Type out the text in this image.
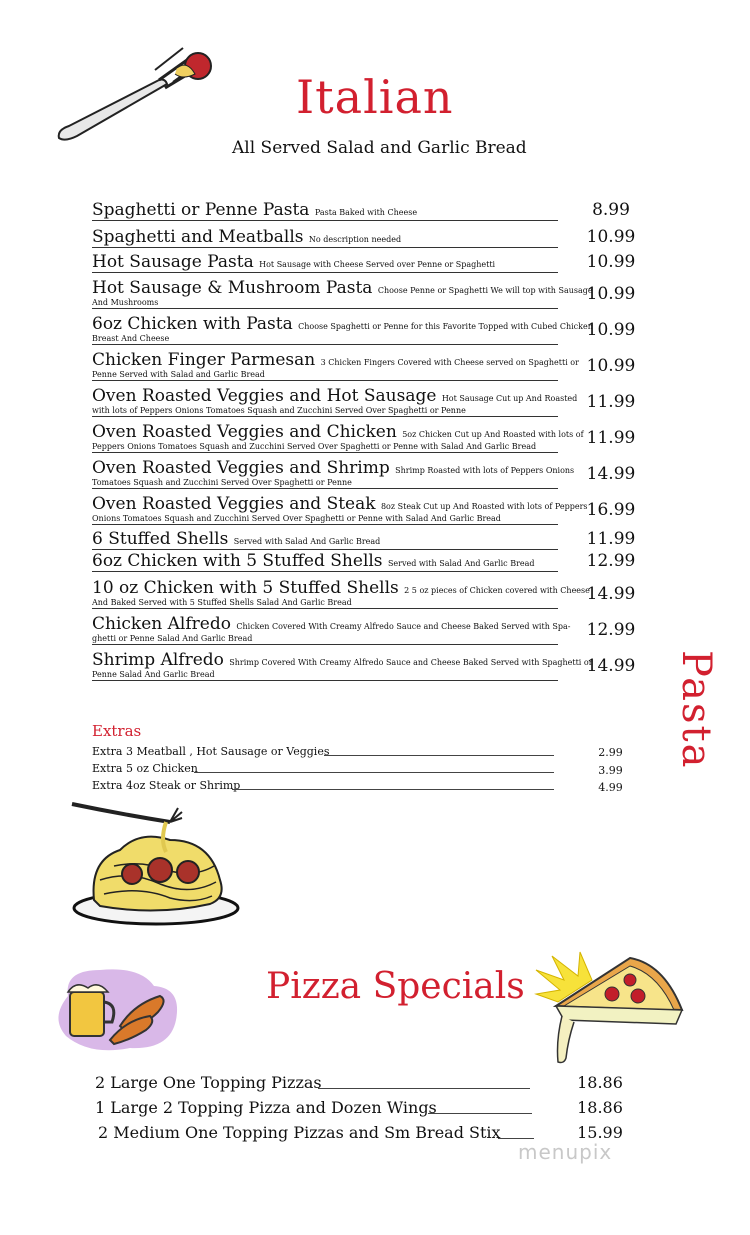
Italian
All Served Salad and Garlic Bread
Spaghetti or Penne Pasta Pasta Baked with Cheese	8.99
Spaghetti and Meatballs No description needed	10.99
Hot Sausage Pasta Hot Sausage with Cheese Served over Penne or Spaghetti	10.99
Hot Sausage & Mushroom Pasta Choose Penne or Spaghetti We will top with Sausage
And Mushrooms	10.99
6oz Chicken with Pasta Choose Spaghetti or Penne for this Favorite Topped with Cubed Chicken
Breast And Cheese	10.99
Chicken Finger Parmesan 3 Chicken Fingers Covered with Cheese served on Spaghetti or
Penne Served with Salad and Garlic Bread	10.99
Oven Roasted Veggies and Hot Sausage Hot Sausage Cut up And Roasted
with lots of Peppers Onions Tomatoes Squash and Zucchini Served Over Spaghetti or Penne	11.99
Oven Roasted Veggies and Chicken 5oz Chicken Cut up And Roasted with lots of
Peppers Onions Tomatoes Squash and Zucchini Served Over Spaghetti or Penne with Salad And Garlic Bread	11.99
Oven Roasted Veggies and Shrimp Shrimp Roasted with lots of Peppers Onions
Tomatoes Squash and Zucchini Served Over Spaghetti or Penne	14.99
Oven Roasted Veggies and Steak 8oz Steak Cut up And Roasted with lots of Peppers
Onions Tomatoes Squash and Zucchini Served Over Spaghetti or Penne with Salad And Garlic Bread	16.99
6 Stuffed Shells Served with Salad And Garlic Bread	11.99
6oz Chicken with 5 Stuffed Shells Served with Salad And Garlic Bread	12.99
10 oz Chicken with 5 Stuffed Shells 2 5 oz pieces of Chicken covered with Cheese
And Baked Served with 5 Stuffed Shells Salad And Garlic Bread	14.99
Chicken Alfredo Chicken Covered With Creamy Alfredo Sauce and Cheese Baked Served with Spa-
ghetti or Penne Salad And Garlic Bread	12.99
Shrimp Alfredo Shrimp Covered With Creamy Alfredo Sauce and Cheese Baked Served with Spaghetti or
Penne Salad And Garlic Bread	14.99 Pasta
Extras
Extra 3 Meatball , Hot Sausage or Veggies	2.99
Extra 5 oz Chicken	3.99
Extra 4oz Steak or Shrimp	4.99
Pizza Specials
2 Large One Topping Pizzas	18.86
1 Large 2 Topping Pizza and Dozen Wings	18.86
2 Medium One Topping Pizzas and Sm Bread Stix	15.99
menupix
